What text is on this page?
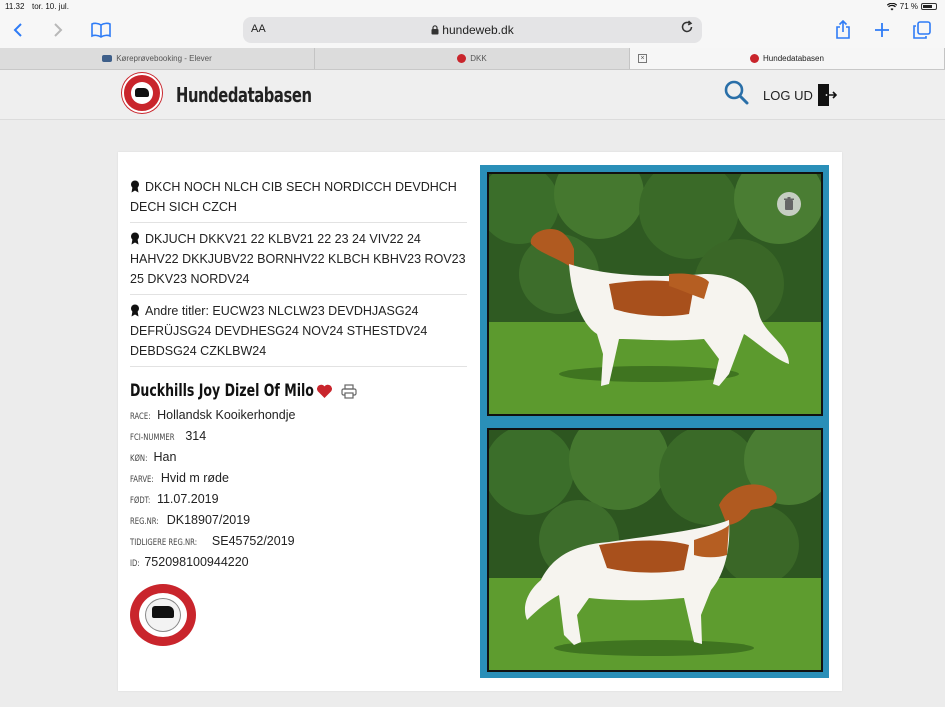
11.32 tor. 10. jul.	71 %
AA	hundeweb.dk
Køreprøvebooking - Elever	DKK	×	Hundedatabasen
Hundedatabasen	LOG UD
DKCH NOCH NLCH CIB SECH NORDICCH DEVDHCH DECH SICH CZCH
DKJUCH DKKV21 22 KLBV21 22 23 24 VIV22 24 HAHV22 DKKJUBV22 BORNHV22 KLBCH KBHV23 ROV23 25 DKV23 NORDV24
Andre titler: EUCW23 NLCLW23 DEVDHJASG24 DEFRÜJSG24 DEVDHESG24 NOV24 STHESTDV24 DEBDSG24 CZKLBW24
Duckhills Joy Dizel Of Milo
RACE: Hollandsk Kooikerhondje
FCI-NUMMER 314
KØN: Han
FARVE: Hvid m røde
FØDT: 11.07.2019
REG.NR: DK18907/2019
TIDLIGERE REG.NR: SE45752/2019
ID: 752098100944220
